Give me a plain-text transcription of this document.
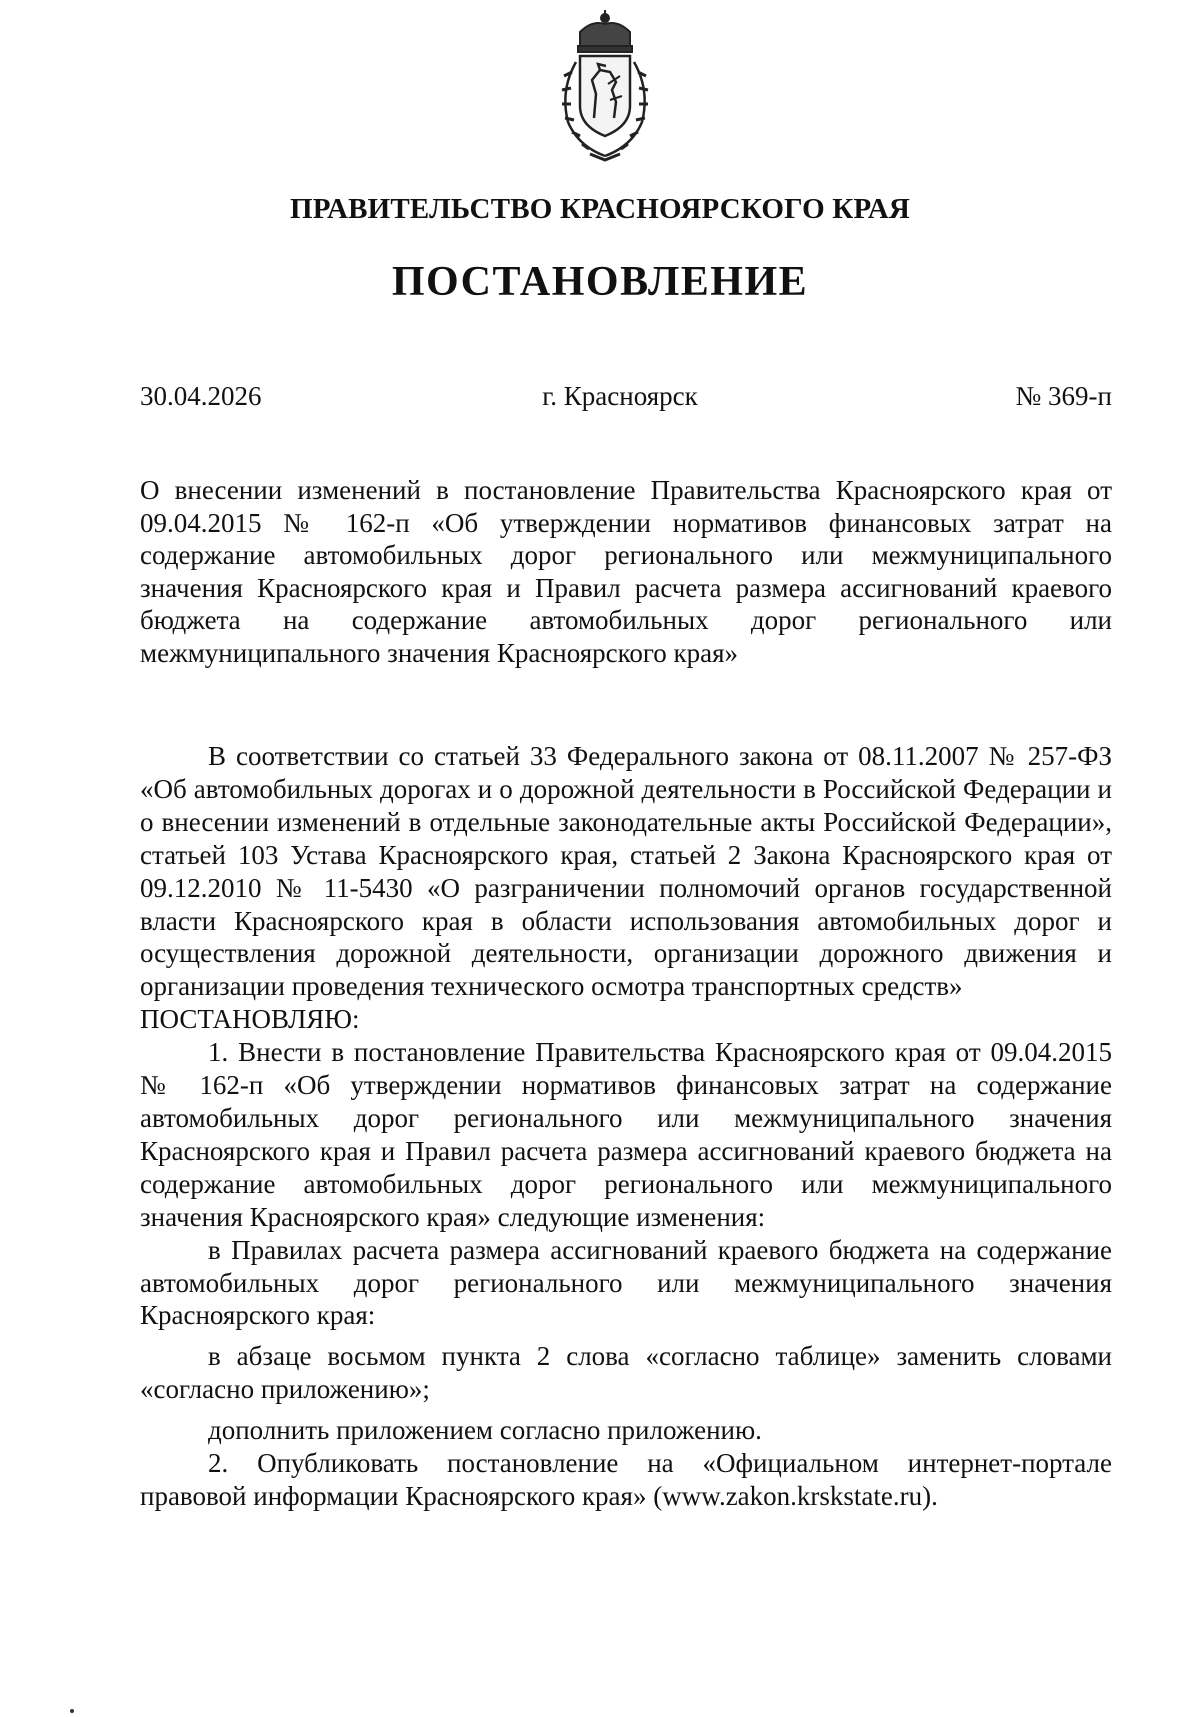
ПРАВИТЕЛЬСТВО КРАСНОЯРСКОГО КРАЯ
ПОСТАНОВЛЕНИЕ
30.04.2026	г. Красноярск	№ 369-п
О внесении изменений в постановление Правительства Красноярского края от 09.04.2015 № 162-п «Об утверждении нормативов финансовых затрат на содержание автомобильных дорог регионального или межмуниципального значения Красноярского края и Правил расчета размера ассигнований краевого бюджета на содержание автомобильных дорог регионального или межмуниципального значения Красноярского края»

В соответствии со статьей 33 Федерального закона от 08.11.2007 № 257-ФЗ «Об автомобильных дорогах и о дорожной деятельности в Российской Федерации и о внесении изменений в отдельные законодательные акты Российской Федерации», статьей 103 Устава Красноярского края, статьей 2 Закона Красноярского края от 09.12.2010 № 11-5430 «О разграничении полномочий органов государственной власти Красноярского края в области использования автомобильных дорог и осуществления дорожной деятельности, организации дорожного движения и организации проведения технического осмотра транспортных средств»

ПОСТАНОВЛЯЮ:

1. Внести в постановление Правительства Красноярского края от 09.04.2015 № 162-п «Об утверждении нормативов финансовых затрат на содержание автомобильных дорог регионального или межмуниципального значения Красноярского края и Правил расчета размера ассигнований краевого бюджета на содержание автомобильных дорог регионального или межмуниципального значения Красноярского края» следующие изменения:

в Правилах расчета размера ассигнований краевого бюджета на содержание автомобильных дорог регионального или межмуниципального значения Красноярского края:

в абзаце восьмом пункта 2 слова «согласно таблице» заменить словами «согласно приложению»;

дополнить приложением согласно приложению.

2. Опубликовать постановление на «Официальном интернет-портале правовой информации Красноярского края» (www.zakon.krskstate.ru).
